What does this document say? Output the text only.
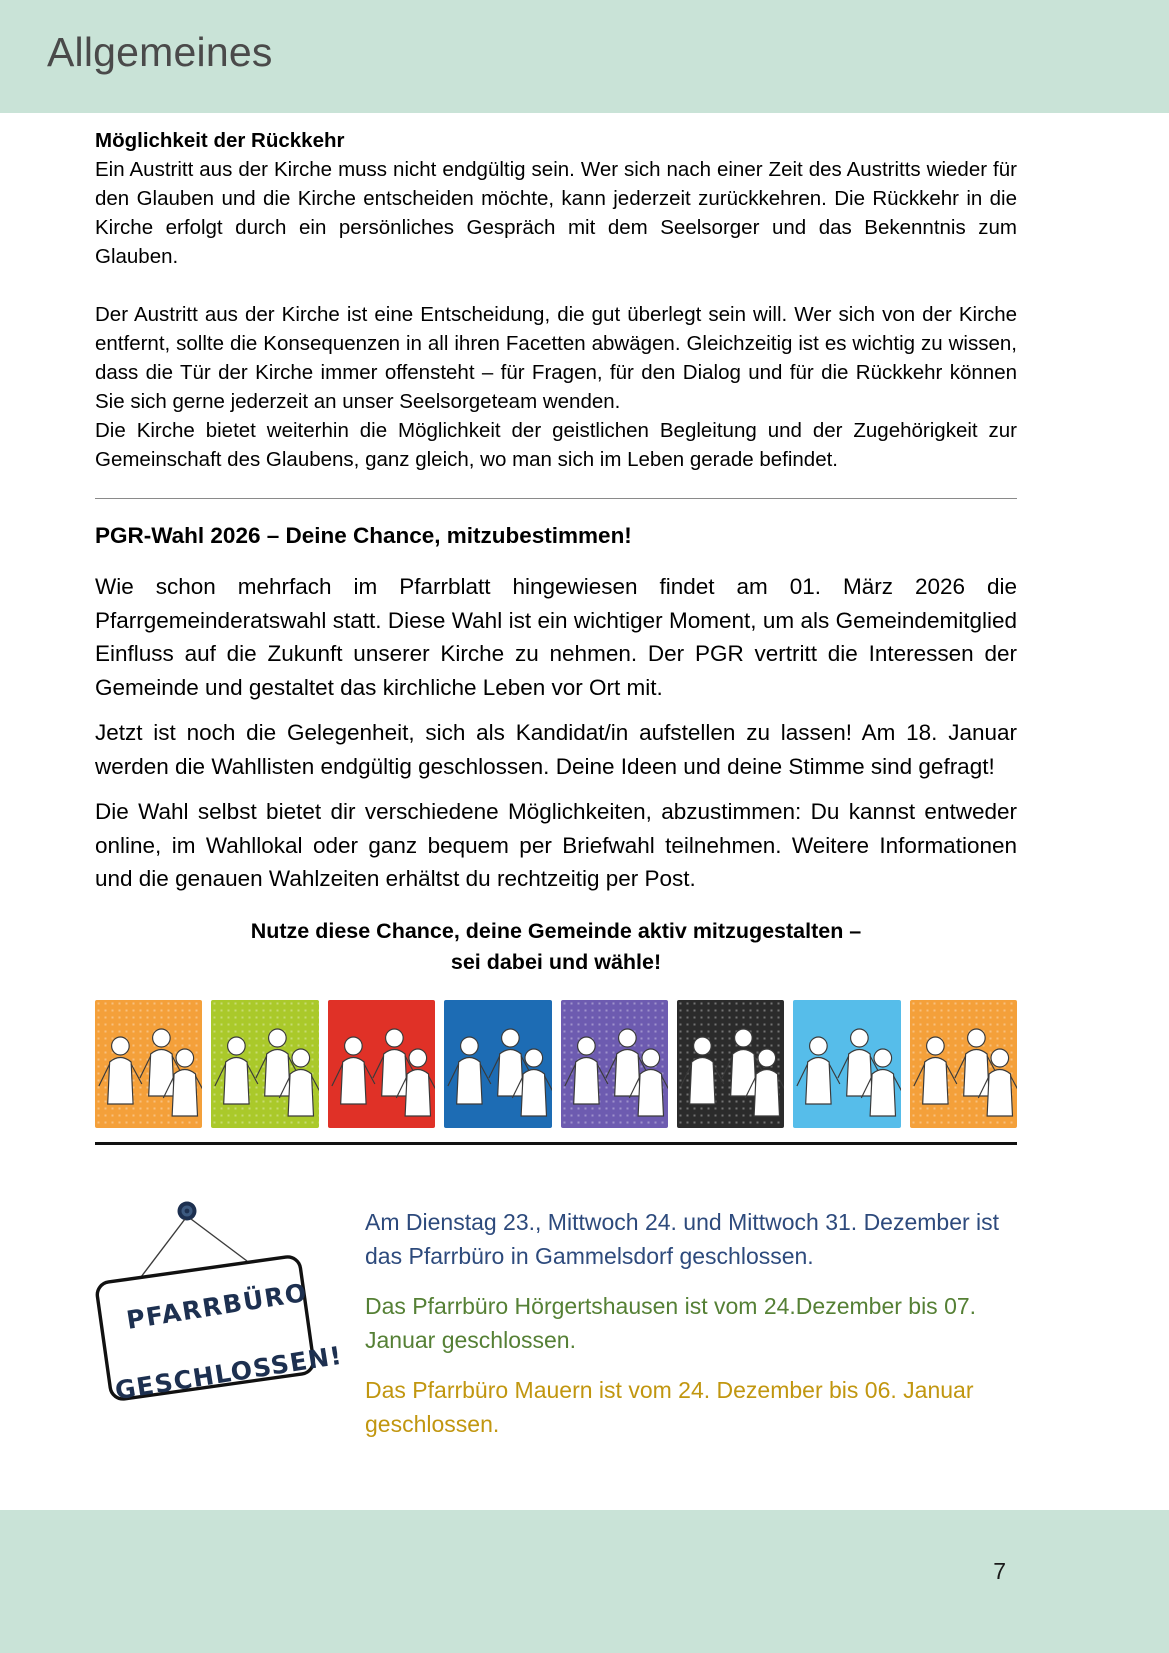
Allgemeines

Möglichkeit der Rückkehr

Ein Austritt aus der Kirche muss nicht endgültig sein. Wer sich nach einer Zeit des Austritts wieder für den Glauben und die Kirche entscheiden möchte, kann jederzeit zurückkehren. Die Rückkehr in die Kirche erfolgt durch ein persönliches Gespräch mit dem Seelsorger und das Bekenntnis zum Glauben.

Der Austritt aus der Kirche ist eine Entscheidung, die gut überlegt sein will. Wer sich von der Kirche entfernt, sollte die Konsequenzen in all ihren Facetten abwägen. Gleichzeitig ist es wichtig zu wissen, dass die Tür der Kirche immer offensteht – für Fragen, für den Dialog und für die Rückkehr können Sie sich gerne jederzeit an unser Seelsorgeteam wenden.

Die Kirche bietet weiterhin die Möglichkeit der geistlichen Begleitung und der Zugehörigkeit zur Gemeinschaft des Glaubens, ganz gleich, wo man sich im Leben gerade befindet.

PGR-Wahl 2026 – Deine Chance, mitzubestimmen!

Wie schon mehrfach im Pfarrblatt hingewiesen findet am 01. März 2026 die Pfarrgemeinderatswahl statt. Diese Wahl ist ein wichtiger Moment, um als Gemeindemitglied Einfluss auf die Zukunft unserer Kirche zu nehmen. Der PGR vertritt die Interessen der Gemeinde und gestaltet das kirchliche Leben vor Ort mit.

Jetzt ist noch die Gelegenheit, sich als Kandidat/in aufstellen zu lassen! Am 18. Januar werden die Wahllisten endgültig geschlossen. Deine Ideen und deine Stimme sind gefragt!

Die Wahl selbst bietet dir verschiedene Möglichkeiten, abzustimmen: Du kannst entweder online, im Wahllokal oder ganz bequem per Briefwahl teilnehmen. Weitere Informationen und die genauen Wahlzeiten erhältst du rechtzeitig per Post.

Nutze diese Chance, deine Gemeinde aktiv mitzugestalten –
sei dabei und wähle!

PFARRBÜRO
GESCHLOSSEN!

Am Dienstag 23., Mittwoch 24. und Mittwoch 31. Dezember ist das Pfarrbüro in Gammelsdorf geschlossen.

Das Pfarrbüro Hörgertshausen ist vom 24.Dezember bis 07. Januar geschlossen.

Das Pfarrbüro Mauern ist vom 24. Dezember bis 06. Januar geschlossen.

7
